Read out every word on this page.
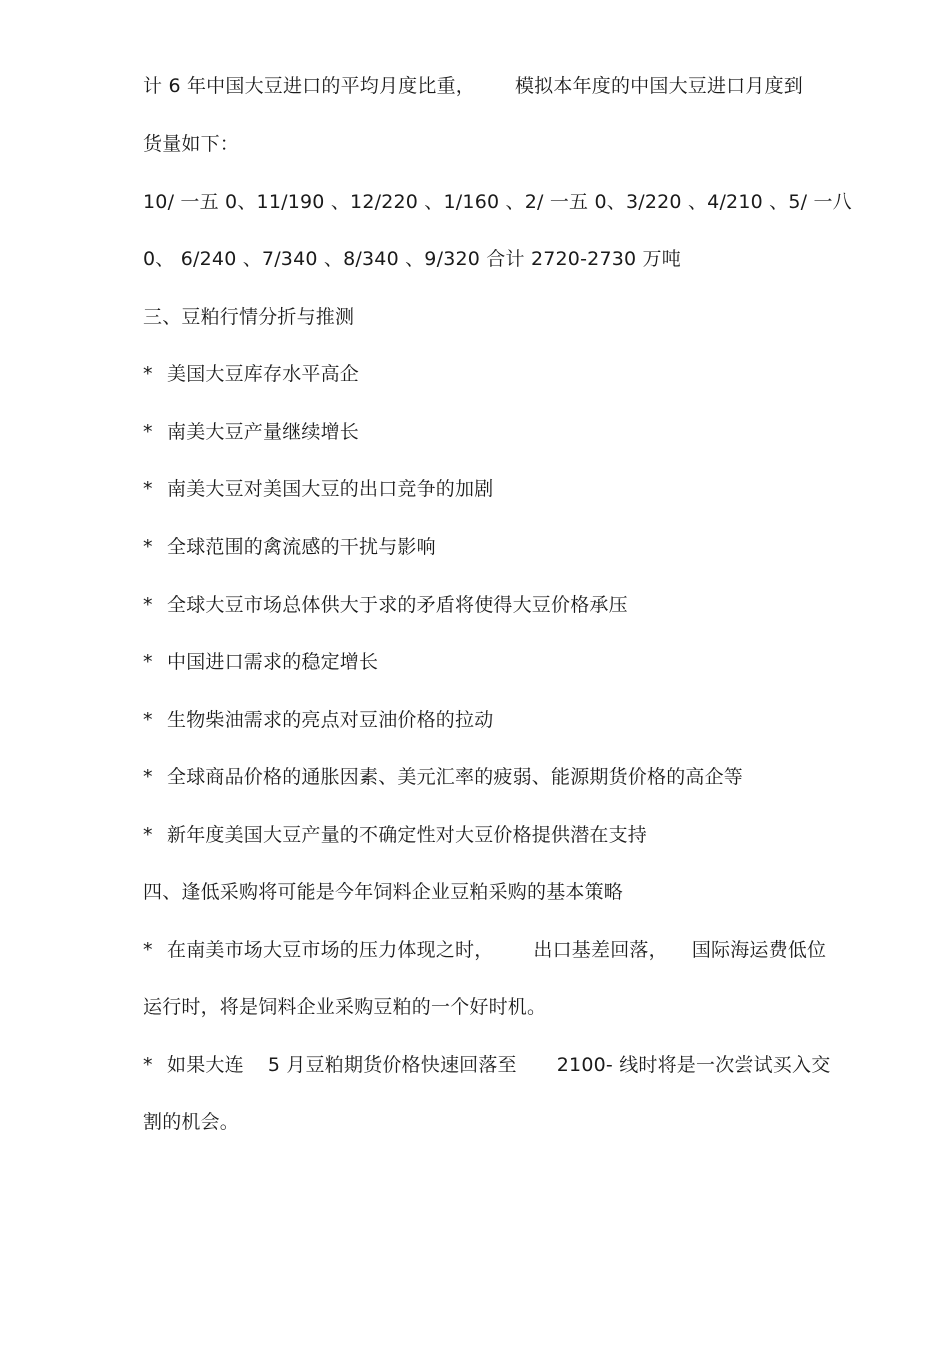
计 6 年中国大豆进口的平均月度比重， 模拟本年度的中国大豆进口月度到
货量如下：
10/ 一五 0、11/190 、12/220 、1/160 、2/ 一五 0、3/220 、4/210 、5/ 一八
0、 6/240 、7/340 、8/340 、9/320 合计 2720-2730 万吨
三、豆粕行情分折与推测
* 美国大豆库存水平高企
* 南美大豆产量继续增长
* 南美大豆对美国大豆的出口竞争的加剧
* 全球范围的禽流感的干扰与影响
* 全球大豆市场总体供大于求的矛盾将使得大豆价格承压
* 中国进口需求的稳定增长
* 生物柴油需求的亮点对豆油价格的拉动
* 全球商品价格的通胀因素、美元汇率的疲弱、能源期货价格的高企等
* 新年度美国大豆产量的不确定性对大豆价格提供潜在支持
四、逢低采购将可能是今年饲料企业豆粕采购的基本策略
* 在南美市场大豆市场的压力体现之时， 出口基差回落， 国际海运费低位
运行时，将是饲料企业采购豆粕的一个好时机。
* 如果大连 5 月豆粕期货价格快速回落至 2100- 线时将是一次尝试买入交
割的机会。
